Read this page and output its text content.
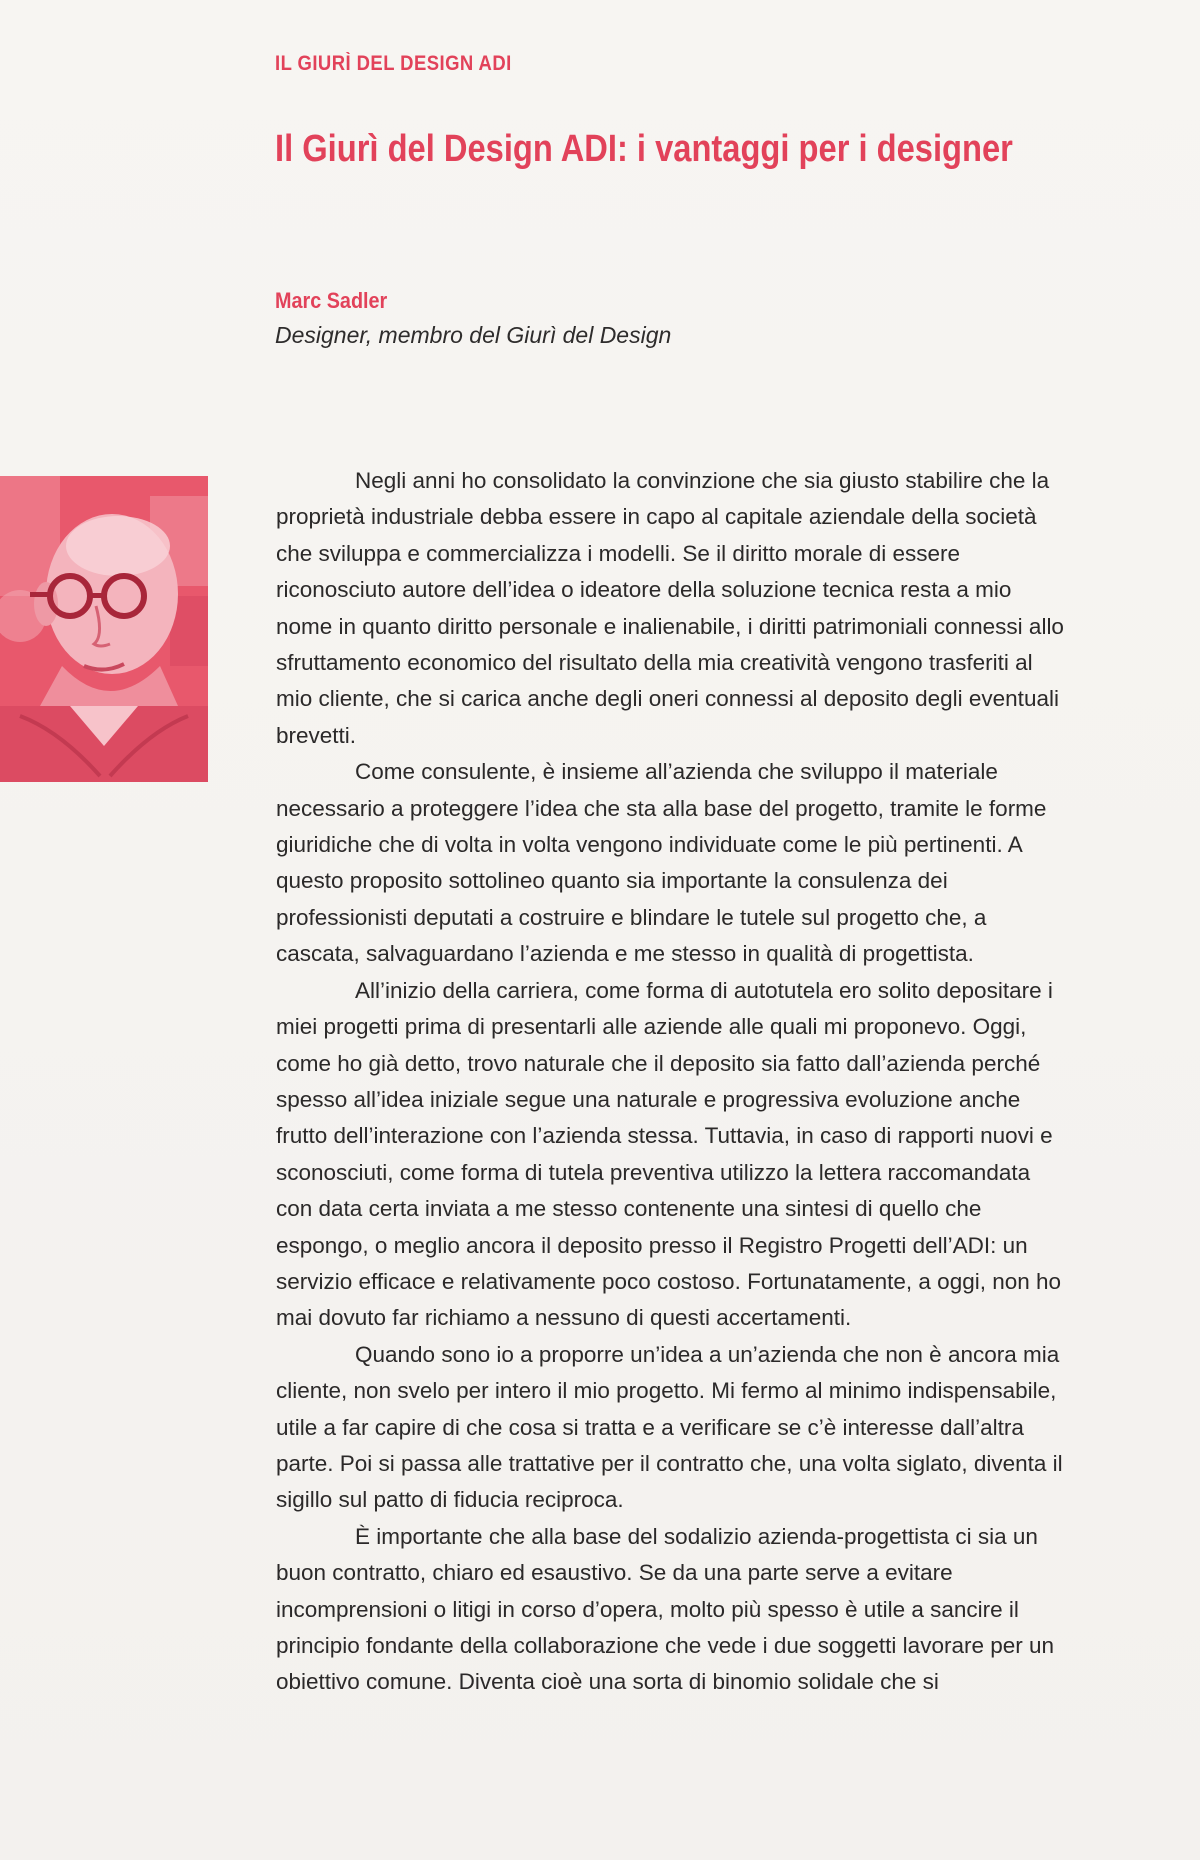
IL GIURÌ DEL DESIGN ADI
Il Giurì del Design ADI: i vantaggi per i designer
Marc Sadler
Designer, membro del Giurì del Design

Negli anni ho consolidato la convinzione che sia giusto stabilire che la proprietà industriale debba essere in capo al capitale aziendale della società che sviluppa e commercializza i modelli. Se il diritto morale di essere riconosciuto autore dell’idea o ideatore della soluzione tecnica resta a mio nome in quanto diritto personale e inalienabile, i diritti patrimoniali connessi allo sfruttamento economico del risultato della mia creatività vengono trasferiti al mio cliente, che si carica anche degli oneri connessi al deposito degli eventuali brevetti.

Come consulente, è insieme all’azienda che sviluppo il materiale necessario a proteggere l’idea che sta alla base del progetto, tramite le forme giuridiche che di volta in volta vengono individuate come le più pertinenti. A questo proposito sottolineo quanto sia importante la consulenza dei professionisti deputati a costruire e blindare le tutele sul progetto che, a cascata, salvaguardano l’azienda e me stesso in qualità di progettista.

All’inizio della carriera, come forma di autotutela ero solito depositare i miei progetti prima di presentarli alle aziende alle quali mi proponevo. Oggi, come ho già detto, trovo naturale che il deposito sia fatto dall’azienda perché spesso all’idea iniziale segue una naturale e progressiva evoluzione anche frutto dell’interazione con l’azienda stessa. Tuttavia, in caso di rapporti nuovi e sconosciuti, come forma di tutela preventiva utilizzo la lettera raccomandata con data certa inviata a me stesso contenente una sintesi di quello che espongo, o meglio ancora il deposito presso il Registro Progetti dell’ADI: un servizio efficace e relativamente poco costoso. Fortunatamente, a oggi, non ho mai dovuto far richiamo a nessuno di questi accertamenti.

Quando sono io a proporre un’idea a un’azienda che non è ancora mia cliente, non svelo per intero il mio progetto. Mi fermo al minimo indispensabile, utile a far capire di che cosa si tratta e a verificare se c’è interesse dall’altra parte. Poi si passa alle trattative per il contratto che, una volta siglato, diventa il sigillo sul patto di fiducia reciproca.

È importante che alla base del sodalizio azienda-progettista ci sia un buon contratto, chiaro ed esaustivo. Se da una parte serve a evitare incomprensioni o litigi in corso d’opera, molto più spesso è utile a sancire il principio fondante della collaborazione che vede i due soggetti lavorare per un obiettivo comune. Diventa cioè una sorta di binomio solidale che si
